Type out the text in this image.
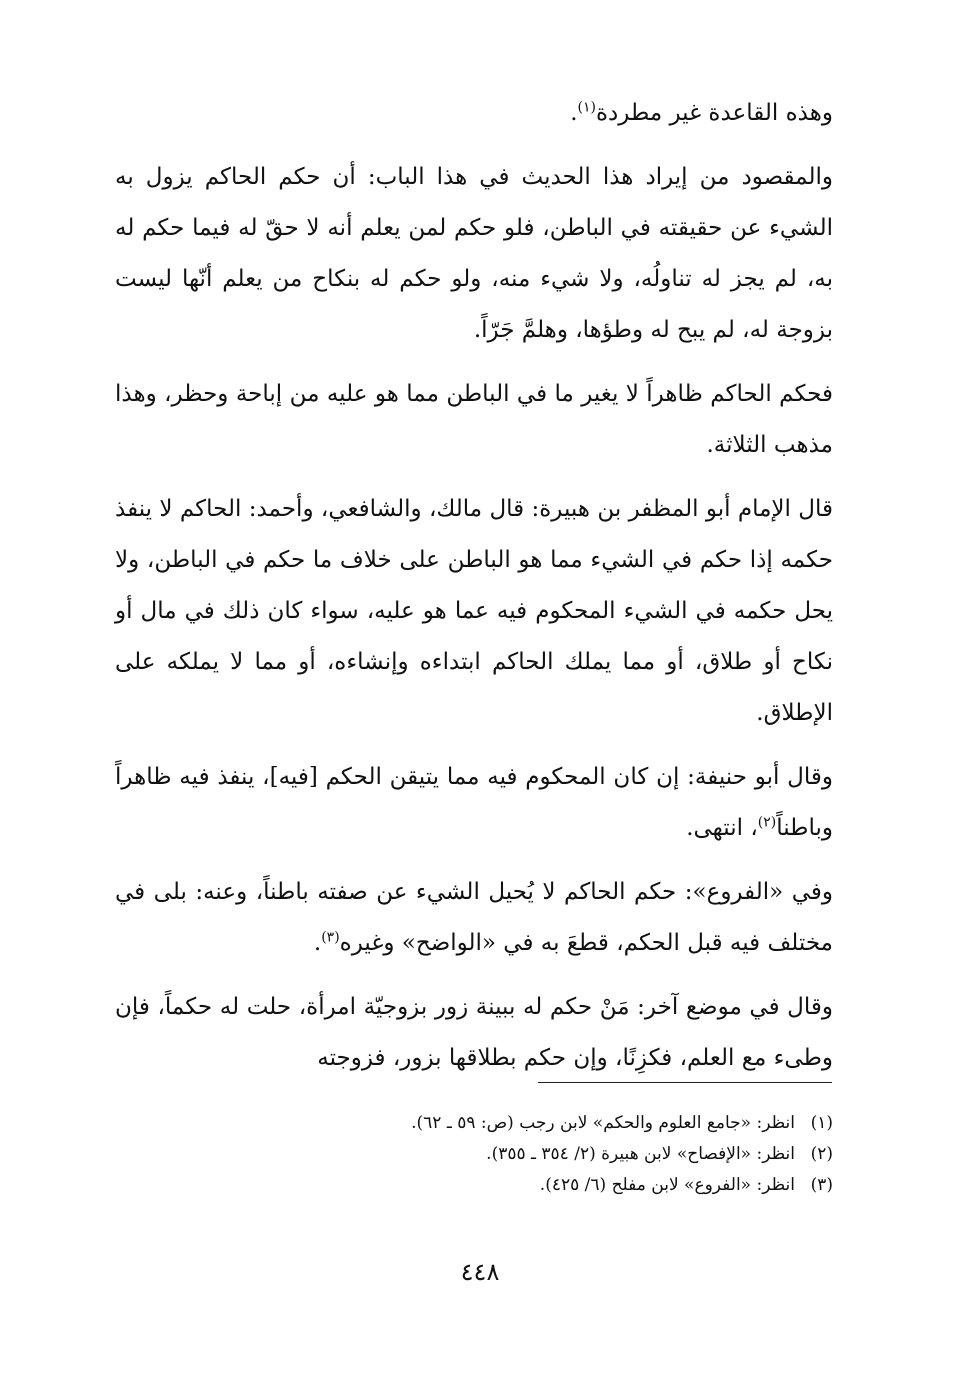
وهذه القاعدة غير مطردة$^{(١)}$.

والمقصود من إيراد هذا الحديث في هذا الباب: أن حكم الحاكم يزول به الشيء عن حقيقته في الباطن، فلو حكم لمن يعلم أنه لا حقّ له فيما حكم له به، لم يجز له تناولُه، ولا شيء منه، ولو حكم له بنكاح من يعلم أنّها ليست بزوجة له، لم يبح له وطؤها، وهلمَّ جَرّاً.

فحكم الحاكم ظاهراً لا يغير ما في الباطن مما هو عليه من إباحة وحظر، وهذا مذهب الثلاثة.

قال الإمام أبو المظفر بن هبيرة: قال مالك، والشافعي، وأحمد: الحاكم لا ينفذ حكمه إذا حكم في الشيء مما هو الباطن على خلاف ما حكم في الباطن، ولا يحل حكمه في الشيء المحكوم فيه عما هو عليه، سواء كان ذلك في مال أو نكاح أو طلاق، أو مما يملك الحاكم ابتداءه وإنشاءه، أو مما لا يملكه على الإطلاق.

وقال أبو حنيفة: إن كان المحكوم فيه مما يتيقن الحكم [فيه]، ينفذ فيه ظاهراً وباطناً$^{(٢)}$، انتهى.

وفي «الفروع»: حكم الحاكم لا يُحيل الشيء عن صفته باطناً، وعنه: بلى في مختلف فيه قبل الحكم، قطعَ به في «الواضح» وغيره$^{(٣)}$.

وقال في موضع آخر: مَنْ حكم له ببينة زور بزوجيّة امرأة، حلت له حكماً، فإن وطىء مع العلم، فكزِنًا، وإن حكم بطلاقها بزور، فزوجته

(١)انظر: «جامع العلوم والحكم» لابن رجب (ص: ٥٩ ـ ٦٢).
(٢)انظر: «الإفصاح» لابن هبيرة (٢/ ٣٥٤ ـ ٣٥٥).
(٣)انظر: «الفروع» لابن مفلح (٦/ ٤٢٥).
٤٤٨
